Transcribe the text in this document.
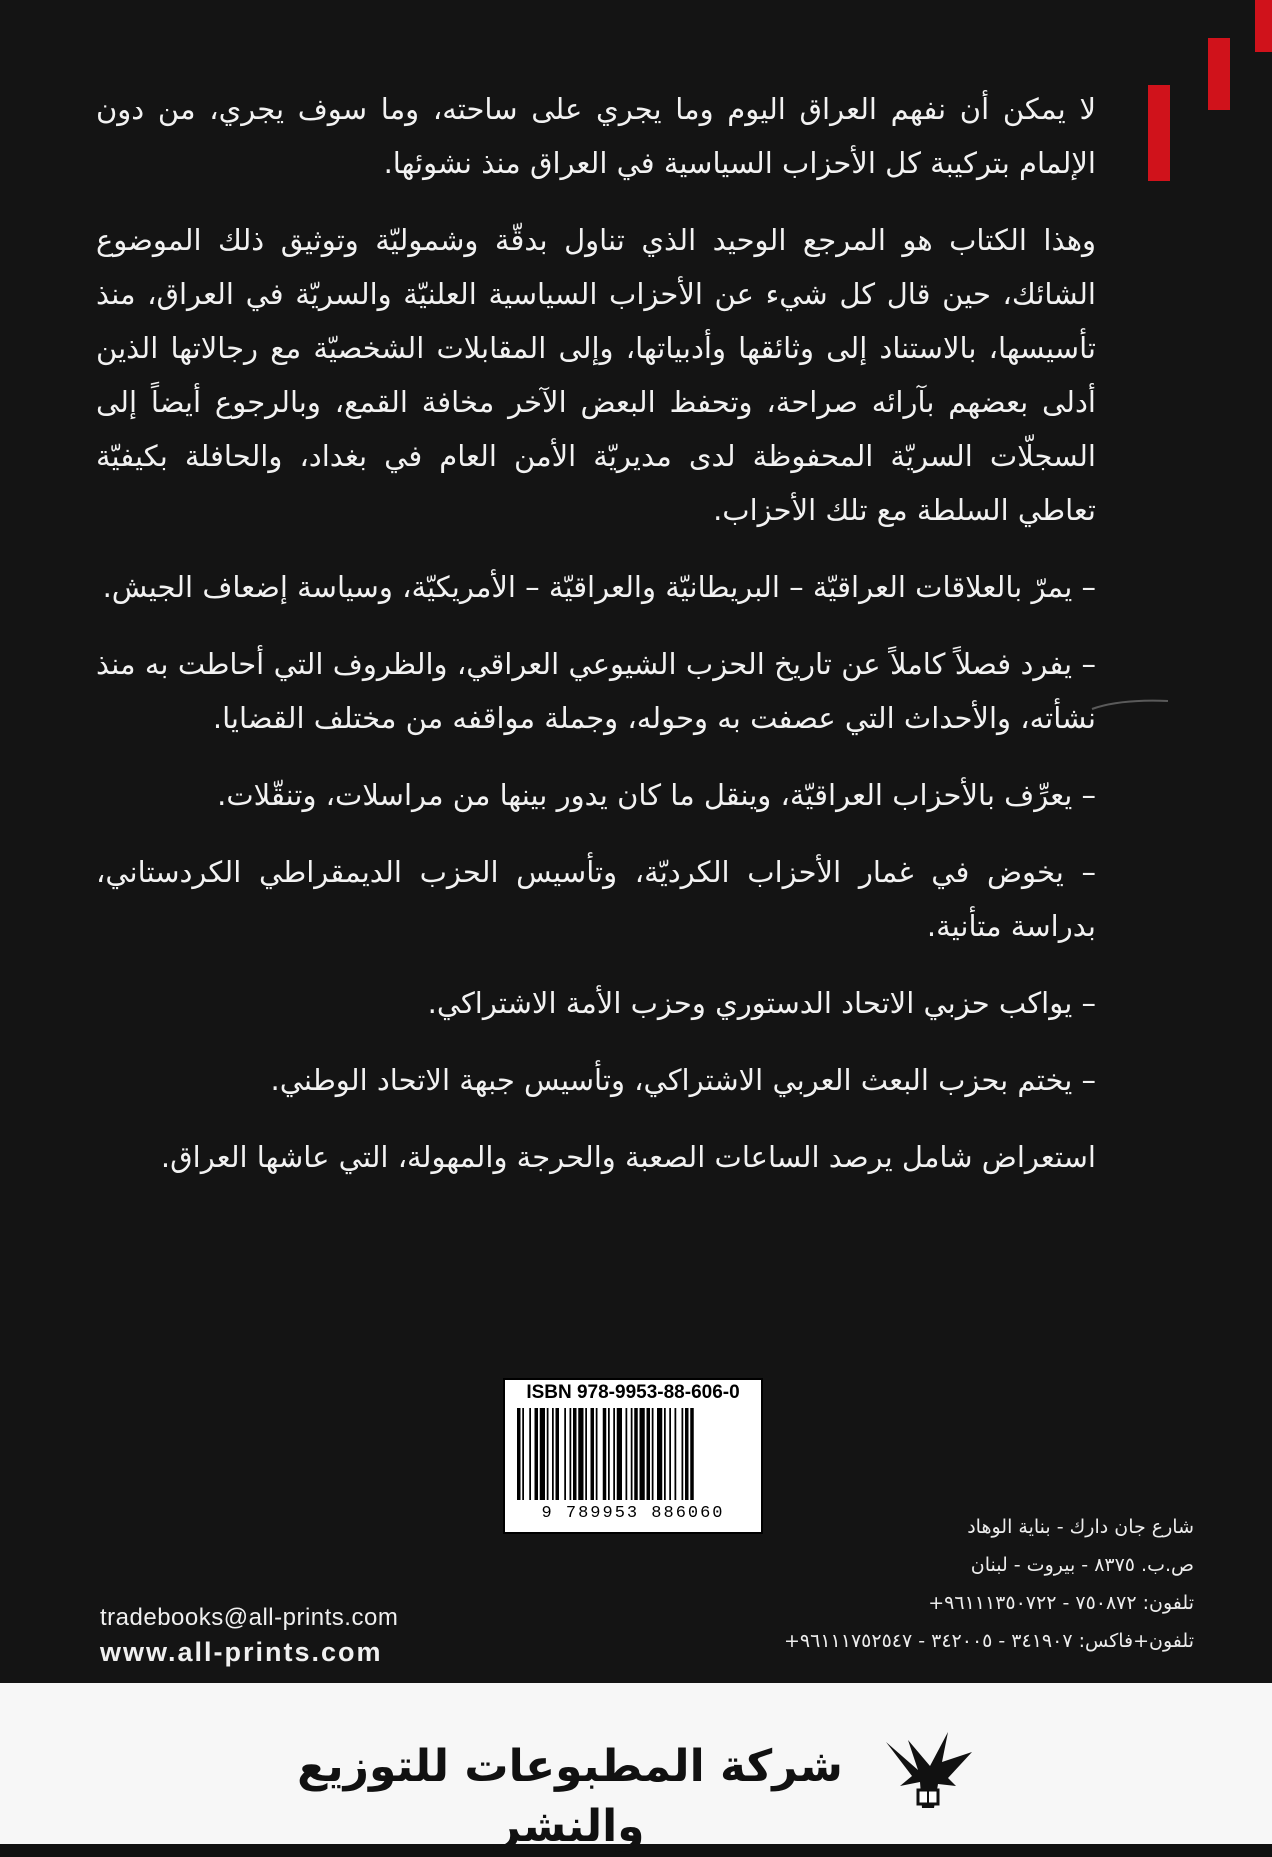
لا يمكن أن نفهم العراق اليوم وما يجري على ساحته، وما سوف يجري، من دون الإلمام بتركيبة كل الأحزاب السياسية في العراق منذ نشوئها.

وهذا الكتاب هو المرجع الوحيد الذي تناول بدقّة وشموليّة وتوثيق ذلك الموضوع الشائك، حين قال كل شيء عن الأحزاب السياسية العلنيّة والسريّة في العراق، منذ تأسيسها، بالاستناد إلى وثائقها وأدبياتها، وإلى المقابلات الشخصيّة مع رجالاتها الذين أدلى بعضهم بآرائه صراحة، وتحفظ البعض الآخر مخافة القمع، وبالرجوع أيضاً إلى السجلّات السريّة المحفوظة لدى مديريّة الأمن العام في بغداد، والحافلة بكيفيّة تعاطي السلطة مع تلك الأحزاب.

– يمرّ بالعلاقات العراقيّة – البريطانيّة والعراقيّة – الأمريكيّة، وسياسة إضعاف الجيش.

– يفرد فصلاً كاملاً عن تاريخ الحزب الشيوعي العراقي، والظروف التي أحاطت به منذ نشأته، والأحداث التي عصفت به وحوله، وجملة مواقفه من مختلف القضايا.

– يعرِّف بالأحزاب العراقيّة، وينقل ما كان يدور بينها من مراسلات، وتنقّلات.

– يخوض في غمار الأحزاب الكرديّة، وتأسيس الحزب الديمقراطي الكردستاني، بدراسة متأنية.

– يواكب حزبي الاتحاد الدستوري وحزب الأمة الاشتراكي.

– يختم بحزب البعث العربي الاشتراكي، وتأسيس جبهة الاتحاد الوطني.

استعراض شامل يرصد الساعات الصعبة والحرجة والمهولة، التي عاشها العراق.

ISBN 978-9953-88-606-0
9 789953 886060
شارع جان دارك - بناية الوهاد
ص.ب. ٨٣٧٥ - بيروت - لبنان
تلفون: ٧٥٠٨٧٢ - ٩٦١١١٣٥٠٧٢٢+
تلفون+فاكس: ٣٤١٩٠٧ - ٣٤٢٠٠٥ - ٩٦١١١٧٥٢٥٤٧+
tradebooks@all-prints.com
www.all-prints.com
شركة المطبوعات للتوزيع والنشر
